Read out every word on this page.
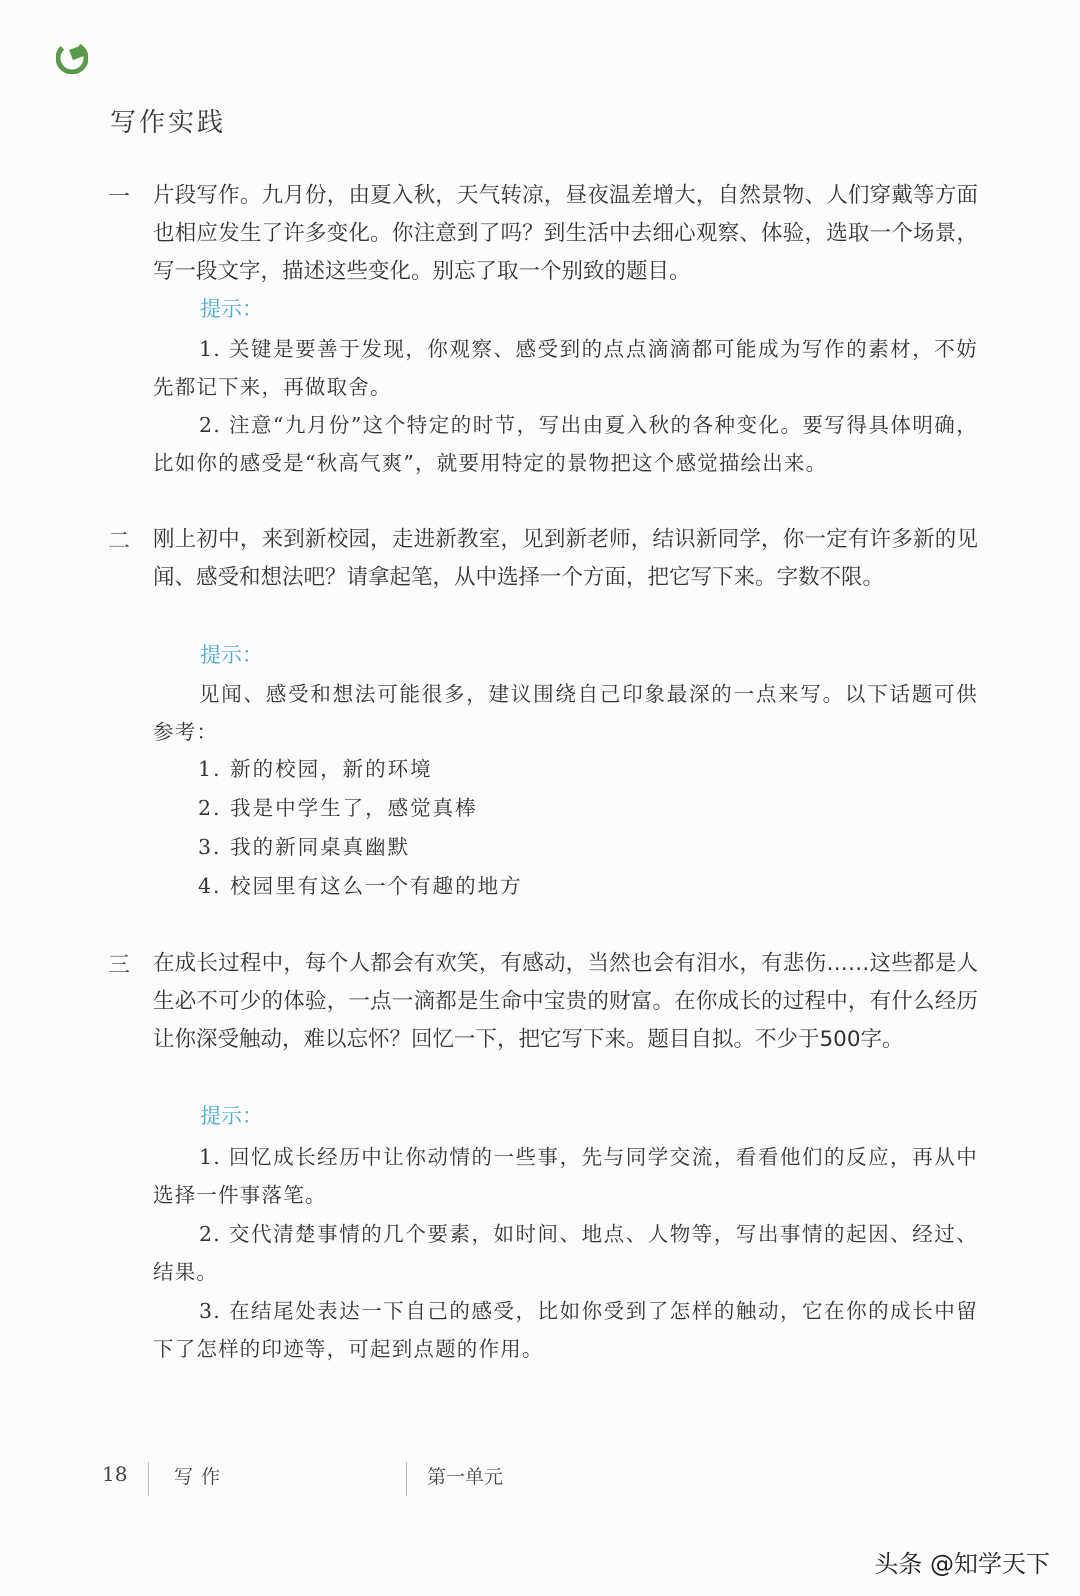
写作实践
一 片段写作。九月份，由夏入秋，天气转凉，昼夜温差增大，自然景物、人们穿戴等方面也相应发生了许多变化。你注意到了吗？到生活中去细心观察、体验，选取一个场景，写一段文字，描述这些变化。别忘了取一个别致的题目。
提示：
1. 关键是要善于发现，你观察、感受到的点点滴滴都可能成为写作的素材，不妨先都记下来，再做取舍。
2. 注意“九月份”这个特定的时节，写出由夏入秋的各种变化。要写得具体明确，比如你的感受是“秋高气爽”，就要用特定的景物把这个感觉描绘出来。
二 刚上初中，来到新校园，走进新教室，见到新老师，结识新同学，你一定有许多新的见闻、感受和想法吧？请拿起笔，从中选择一个方面，把它写下来。字数不限。
提示：
见闻、感受和想法可能很多，建议围绕自己印象最深的一点来写。以下话题可供参考：
1. 新的校园，新的环境
2. 我是中学生了，感觉真棒
3. 我的新同桌真幽默
4. 校园里有这么一个有趣的地方
三 在成长过程中，每个人都会有欢笑，有感动，当然也会有泪水，有悲伤……这些都是人生必不可少的体验，一点一滴都是生命中宝贵的财富。在你成长的过程中，有什么经历让你深受触动，难以忘怀？回忆一下，把它写下来。题目自拟。不少于500字。
提示：
1. 回忆成长经历中让你动情的一些事，先与同学交流，看看他们的反应，再从中选择一件事落笔。
2. 交代清楚事情的几个要素，如时间、地点、人物等，写出事情的起因、经过、结果。
3. 在结尾处表达一下自己的感受，比如你受到了怎样的触动，它在你的成长中留下了怎样的印迹等，可起到点题的作用。
18 写作	第一单元
头条 @知学天下
